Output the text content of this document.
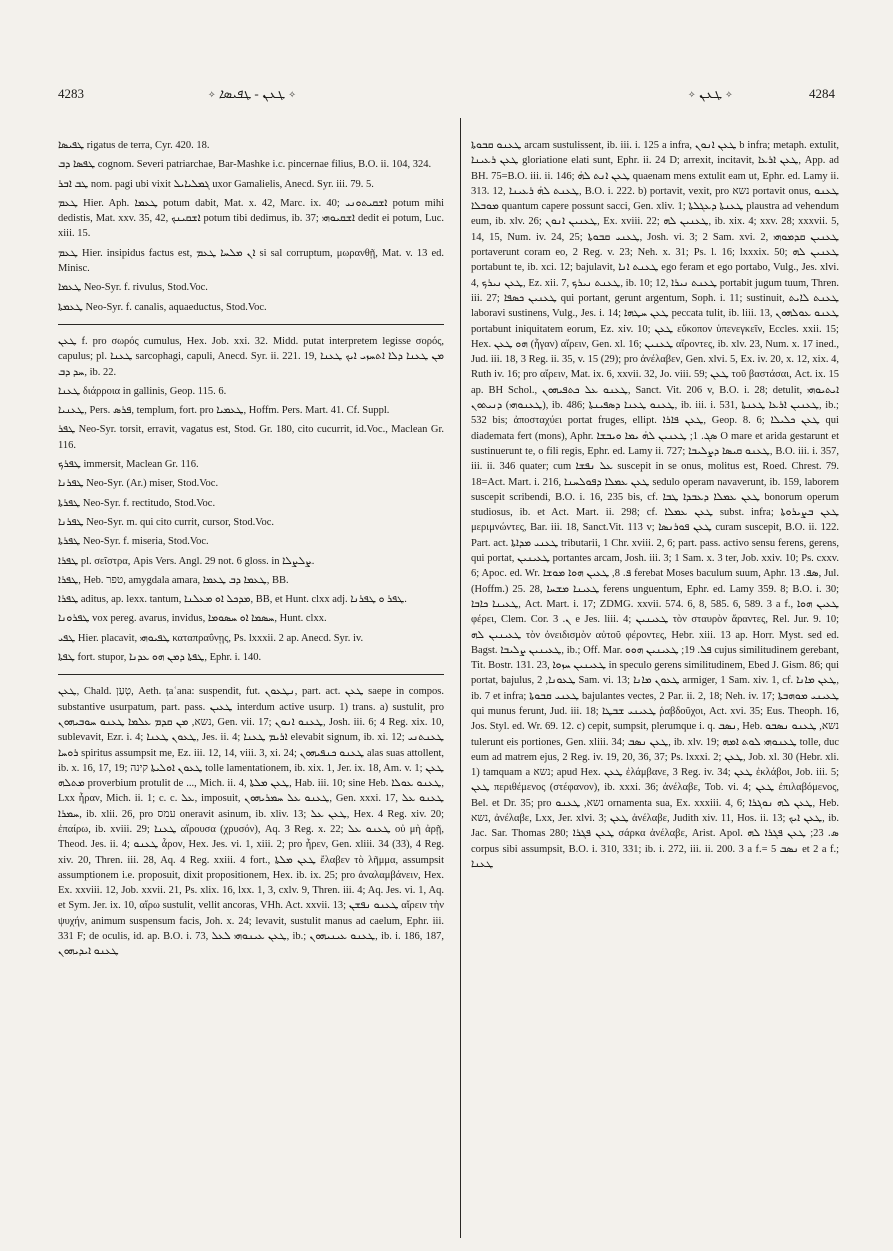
4283	✧ ܛܥܢ - ܛܦܝܣܐ ✧	✧ ܛܥܢ ✧	4284

ܛܦܝܣܐ rigatus de terra, Cyr. 420. 18.

ܛܦܣܐ ܕܒ cognom. Severi patriarchae, Bar-Mashke i.c. pincernae filius, B.O. ii. 104, 324.

ܛܒ ܐܒܪ nom. pagi ubi vixit ܓܡܠܝܐܝܠ uxor Gamalielis, Anecd. Syr. iii. 79. 5.

ܛܥܡ Hier. Aph. ܛܥܡܐ potum dabit, Mat. x. 42, Marc. ix. 40; ܐܫܩܝܬܘܢܝ potum mihi dedistis, Mat. xxv. 35, 42, ܐܫܩܝܢܟ potum tibi dedimus, ib. 37; ܐܫܩܝܘܗܝ dedit ei potum, Luc. xiii. 15.

ܛܥܡ Hier. insipidus factus est, ܐܢ ܡܠܚܐ ܛܥܡ si sal corruptum, μωρανθῇ, Mat. v. 13 ed. Minisc.

ܛܥܡܐ Neo-Syr. f. rivulus, Stod.Voc.

ܛܥܡܬܐ Neo-Syr. f. canalis, aquaeductus, Stod.Voc.

ܛܥܢ f. pro σωρός cumulus, Hex. Job. xxi. 32. Midd. putat interpretem legisse σορός, capulus; pl. ܛܥܢܐ sarcophagi, capuli, Anecd. Syr. ii. 221. 19, ܡܢ ܛܥܢܐ ܕܠܐ ܐܬܚܙܝ ܐܝܟ ܛܥܢܐ ܚܕ ܕܒ, ib. 22.

ܛܥܢܐ διάρροια in gallinis, Geop. 115. 6.

ܛܥܢܝܐ, Pers. ܦܪܣ, templum, fort. pro ܛܥܡܝܐ, Hoffm. Pers. Mart. 41. Cf. Suppl.

ܛܦܪ Neo-Syr. torsit, erravit, vagatus est, Stod. Gr. 180, cito cucurrit, id.Voc., Maclean Gr. 116.

ܛܦܪܟ immersit, Maclean Gr. 116.

ܛܦܪܢܐ Neo-Syr. (Ar.) miser, Stod.Voc.

ܛܦܪܬܐ Neo-Syr. f. rectitudo, Stod.Voc.

ܛܦܪܢܐ Neo-Syr. m. qui cito currit, cursor, Stod.Voc.

ܛܦܪܬܐ Neo-Syr. f. miseria, Stod.Voc.

ܛܦܪܐ pl. σεῖστρα, Apis Vers. Angl. 29 not. 6 gloss. in ܨܠܨܠܐ.

ܛܦܪܐ, Heb. טפר, amygdala amara, ܛܥܡܐ ܕܒ ܛܥܡܐ, BB.

ܛܦܪܐ aditus, ap. lexx. tantum, ܡܕܟܠ ܐܘ ܡܥܠܢܐ, BB, et Hunt. clxx adj. ܛܦܪ ܘ ܛܦܪܢܐ.

ܛܦܪܘܢܐ vox pereg. avarus, invidus, ܚܣܡܐ ܐܘ ܚܣܘܡܐ, Hunt. clxx.

ܛܦܝ Hier. placavit, ܛܦܝܘܗܝ καταπραΰνῃς, Ps. lxxxii. 2 ap. Anecd. Syr. iv.

ܛܦܬܐ fort. stupor, ܛܦܬܐ ܕܡܢ ܗܘ ܥܕܢܐ, Ephr. i. 140.

ܛܥܢ, Chald. טְעַן, Aeth. ṭaʿana: suspendit, fut. ܢܛܥܘܢ, part. act. ܛܥܢ saepe in compos. substantive usurpatum, part. pass. ܛܥܝܢ interdum active usurp. 1) trans. a) sustulit, pro נשא, ܡܢ ܩܕܡ ܥܠܡܐ ܛܥܢܘ ܚܘܒܝܗܘܢ, Gen. vii. 17; ܛܥܢܘ ܐܢܘܢ, Josh. iii. 6; 4 Reg. xix. 10, sublevavit, Ezr. i. 4; ܛܥܘܢ ܛܥܢܐ, Jes. ii. 4; ܐܪܝܡ ܛܥܢܐ elevabit signum, ib. xi. 12; ܛܥܢܬܢܝ ܪܘܚܐ spiritus assumpsit me, Ez. iii. 12, 14, viii. 3, xi. 24; ܛܥܢܘ ܟܢܦܝܗܘܢ alas suas attollent, ib. x. 16, 17, 19; ܛܥܘܢ ܐܘܠܝܬܐ קינה tolle lamentationem, ib. xix. 1, Jer. ix. 18, Am. v. 1; ܛܥܢ ܡܬܠܗ proverbium protulit de ..., Mich. ii. 4, ܛܥܢ ܡܠܬܐ, Hab. iii. 10; sine Heb. ܛܥܢܘ ܥܘܠܐ, Lxx ἦραν, Mich. ii. 1; c. c. ܥܠ, imposuit, ܛܥܢܘ ܥܠ ܚܡܪܝܗܘܢ, Gen. xxxi. 17, ܛܥܢܘ ܥܠ ܚܡܪܐ, ib. xlii. 26, pro עמס oneravit asinum, ib. xliv. 13; ܛܥܢ ܥܠ, Hex. 4 Reg. xiv. 20; ἐπαίρω, ib. xviii. 29; ܛܥܢܐ αἴρουσα (χρυσόν), Aq. 3 Reg. x. 22; ܛܥܢܘ ܥܠ οὐ μὴ ἀρῇ, Theod. Jes. ii. 4; ܛܥܢܘ ἆρον, Hex. Jes. vi. 1, xiii. 2; pro ἦρεν, Gen. xliii. 34 (33), 4 Reg. xiv. 20, Thren. iii. 28, Aq. 4 Reg. xxiii. 4 fort., ܛܥܢ ܡܠܬܐ ἔλαβεν τὸ λῆμμα, assumpsit assumptionem i.e. proposuit, dixit propositionem, Hex. ib. ix. 25; pro ἀναλαμβάνειν, Hex. Ex. xxviii. 12, Job. xxvii. 21, Ps. xlix. 16, lxx. 1, 3, cxlv. 9, Thren. iii. 4; Aq. Jes. vi. 1, Aq. et Sym. Jer. ix. 10, αἴρω sustulit, vellit ancoras, VHh. Act. xxvii. 13; ܛܥܢܘ ܢܦܫܢ αἴρειν τὴν ψυχήν, animum suspensum facis, Joh. x. 24; levavit, sustulit manus ad caelum, Ephr. iii. 331 F; de oculis, id. ap. B.O. i. 73, ܛܥܢ ܥܝܢܘܗܝ ܠܥܠ, ib.; ܛܥܢܘ ܥܝܢܝܗܘܢ, ib. i. 186, 187, ܛܥܢܘ ܐܝܕܝܗܘܢ

ܛܥܢܘ ܩܒܘܬܐ arcam sustulissent, ib. iii. i. 125 a infra, ܛܥܢ ܐܢܘܢ b infra; metaph. extulit, ܛܥܢ ܪܥܝܢܐ gloriatione elati sunt, Ephr. ii. 24 D; arrexit, incitavit, ܛܥܢ ܐܪܥܐ, App. ad BH. 75=B.O. iii. ii. 146; ܛܥܢ ܐܢܬ ܠܗ̇ quaenam mens extulit eam ut, Ephr. ed. Lamy ii. 313. 12, ܛܥܢܬ ܠܗ̇ ܪܥܝܢܐ, B.O. i. 222. b) portavit, vexit, pro נשא portavit onus, ܛܥܢܘ ܡܘܒܠܐ quantum capere possunt sacci, Gen. xliv. 1; ܛܥܢܬܐ ܕܥܓܠܬܐ plaustra ad vehendum eum, ib. xlv. 26; ܛܥܢܝܢ ܐܢܘܢ, Ex. xviii. 22; ܛܥܢܝܢ ܠܗ, ib. xix. 4; xxv. 28; xxxvii. 5, 14, 15, Num. iv. 24, 25; ܛܥܢܝ ܩܒܘܬܐ, Josh. vi. 3; 2 Sam. xvi. 2, ܛܥܢܝܢ ܩܕܡܘܗܝ portaverunt coram eo, 2 Reg. v. 23; Neh. x. 31; Ps. l. 16; lxxxix. 50; ܛܥܢܝܢ ܠܗ portabunt te, ib. xci. 12; bajulavit, ܛܥܢܬ ܐܢܐ ego feram et ego portabo, Vulg., Jes. xlvi. 4, ܛܥܢ ܢܝܪܟ, Ez. xii. 7, ܛܥܢܬ ܢܝܪܟ, ib. 10; 12, ܛܥܢܬ ܢܝܪܐ portabit jugum tuum, Thren. iii. 27; ܛܥܢܝܢ ܟܣܦܐ qui portant, gerunt argentum, Soph. i. 11; sustinuit, ܛܥܢܬ ܠܐܝܬ laboravi sustinens, Vulg., Jes. i. 14; ܛܥܢ ܚܛܗܐ peccata tulit, ib. liii. 13, ܛܥܢܘ ܥܘܠܗܘܢ portabunt iniquitatem eorum, Ez. xiv. 10; ܛܥܢ εὔκοπον ὑπενεγκεῖν, Eccles. xxii. 15; Hex. ܗܘ ܛܥܢ (ἦγαν) αἴρειν, Gen. xl. 16; ܛܥܢܝܢ αἴροντες, ib. xlv. 23, Num. x. 17 ined., Jud. iii. 18, 3 Reg. ii. 35, v. 15 (29); pro ἀνέλαβεν, Gen. xlvi. 5, Ex. iv. 20, x. 12, xix. 4, Ruth iv. 16; pro αἴρειν, Mat. ix. 6, xxvii. 32, Jo. viii. 59; ܛܥܢ τοῦ βαστάσαι, Act. ix. 15 ap. BH Schol., ܛܥܢܘ ܥܠ ܟܬܦܝܗܘܢ, Sanct. Vit. 206 v, B.O. i. 28; detulit, ܐܝܬܝܘܗܝ (ܛܥܢܘܗܝ) ܕܢܝܬܘܢ, ib. 486; ܛܥܢܘ ܛܥܢܐ ܕܣܦܝܢܬܐ, ib. iii. i. 531, ܛܥܢܝܢ ܐܪܥܐ ܛܥܢܬܐ, ib.; 532 bis; ἀποσταχύει portat fruges, ellipt. ܛܥܢ ܦܐܪܐ, Geop. 8. 6; ܛܥܢ ܟܠܝܠܐ qui diademata fert (mons), Aphr. ܣܓ. 1; ܛܥܢܝܢ ܠܗ̇ ܝܡܐ ܘܝܒܫܐ O mare et arida gestarunt et sustinuerunt te, o fili regis, Ephr. ed. Lamy ii. 727; ܛܥܢܘ ܩܝܣܐ ܕܨܠܝܒܐ, B.O. iii. i. 357, iii. ii. 346 quater; cum ܥܠ ܢܦܫܐ suscepit in se onus, molitus est, Roed. Chrest. 79. 18=Act. Mart. i. 216, ܛܥܢ ܥܡܠܐ ܕܦܘܠܚܢܐ sedulo operam navaverunt, ib. 159, laborem suscepit scribendi, B.O. i. 16, 235 bis, cf. ܛܥܢ ܥܡܠܐ ܕܥܒܕܐ ܛܒܐ bonorum operum studiosus, ib. et Act. Mart. ii. 298; cf. ܛܥܢ ܥܡܠܐ subst. infra; ܛܥܢ ܒܨܝܪܘܬܐ μεριμνώντες, Bar. iii. 18, Sanct.Vit. 113 v; ܛܥܢ ܦܘܪܢܣܐ curam suscepit, B.O. ii. 122. Part. act. ܛܥܢܝ ܡܕܐܬܐ tributarii, 1 Chr. xviii. 2, 6; part. pass. activo sensu ferens, gerens, qui portat, ܛܥܝܢܝܢ portantes arcam, Josh. iii. 3; 1 Sam. x. 3 ter, Job. xxiv. 10; Ps. cxxv. 6; Apoc. ed. Wr. ܦ. 8, ܛܥܝܢ ܗܘܐ ܡܘܫܐ ferebat Moses baculum suum, Aphr. ܣܦ. 13, Jul. (Hoffm.) 25. 28, ܛܥܝܢܐ ܡܫܚܐ ferens unguentum, Ephr. ed. Lamy 359. 8; B.O. i. 30; ܛܥܝܢܐ ܟܐܒܐ, Act. Mart. i. 17; ZDMG. xxvii. 574. 6, 8, 585. 6, 589. 3 a f., ܛܥܝܢ ܗܘܐ φέρει, Clem. Cor. ܢ. 3 e Jes. liii. 4; ܛܥܝܢܝܢ τὸν σταυρὸν ἄραντες, Rel. Jur. 9. 10; ܛܥܝܢܝܢ ܠܗ τὸν ὀνειδισμὸν αὐτοῦ φέροντες, Hebr. xiii. 13 ap. Horr. Myst. sed ed. Bagst. ܛܥܝܢܝܢ ܨܠܝܒܐ, ib.; Off. Mar. ܦܠ. 19; ܛܥܝܢܝܢ ܗܘܘ cujus similitudinem gerebant, Tit. Bostr. 131. 23, ܛܥܝܢܝܢ ܚܙܘܐ in speculo gerens similitudinem, Ebed J. Gism. 86; qui portat, bajulus, ܛܥܘܢܐ, 2 Sam. vi. 13; ܛܥܘܢ ܡܐܢܐ armiger, 1 Sam. xiv. 1, cf. ܛܥܢ ܡܐܢܐ, ib. 7 et infra; ܛܥܢܝ ܩܒܘܬܐ bajulantes vectes, 2 Par. ii. 2, 18; Neh. iv. 17; ܛܥܝܢܝ ܡܘܗܒܬܐ qui munus ferunt, Jud. iii. 18; ܛܥܝܢܝ ܫܒܛܐ ῥαβδοῦχοι, Act. xvi. 35; Eus. Theoph. 16, Jos. Styl. ed. Wr. 69. 12. c) cepit, sumpsit, plerumque i. q. ܢܣܒ, Heb. נשא, ܛܥܢܘ ܢܣܒܘ tulerunt eis portiones, Gen. xliii. 34; ܛܥܢ ܢܣܒ, ib. xlv. 19; ܛܥܢܘܗܝ ܠܘܬ ܐܡܗ tolle, duc eum ad matrem ejus, 2 Reg. iv. 19, 20, 36, 37; Ps. lxxxi. 2; ܛܥܢ, Job. xl. 30 (Hebr. xli. 1) tamquam a נשא; apud Hex. ܛܥܢ ἐλάμβανε, 3 Reg. iv. 34; ܛܥܢ ἐκλάβοι, Job. iii. 5; ܛܥܢ περιθέμενος (στέφανον), ib. xxxi. 36; ἀνέλαβε, Tob. vi. 4; ܛܥܢ ἐπιλαβόμενος, Bel. et Dr. 35; pro נשא, ܛܥܢܘ ornamenta sua, Ex. xxxiii. 4, 6; ܛܥܢ ܠܗ ܢܘܓܪܐ, Heb. נשא, ἀνέλαβε, Lxx, Jer. xlvi. 3; ܛܥܢ ἀνέλαβε, Judith xiv. 11, Hos. ii. 13; ܛܥܢ ܐܝܟ, ib. Jac. Sar. Thomas 280; ܛܥܢ ܦܓܪܐ σάρκα ἀνέλαβε, Arist. Apol. ܣ. 23; ܛܥܢ ܦܓܪܐ ܠܗ corpus sibi assumpsit, B.O. i. 310, 331; ib. i. 272, iii. ii. 200. 3 a f.= ܢܣܒ 5 et 2 a f.; ܛܥܢܐ
